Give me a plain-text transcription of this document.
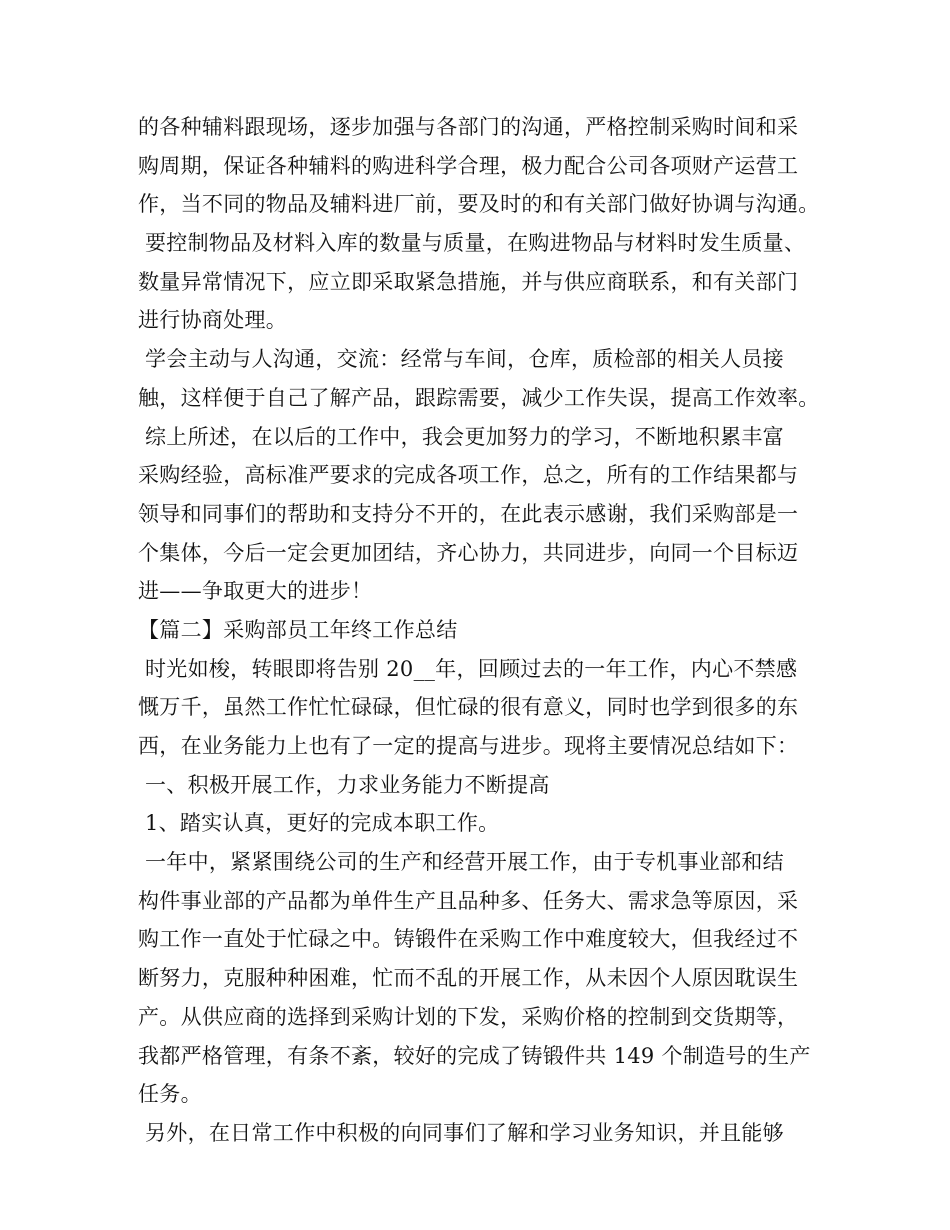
的各种辅料跟现场，逐步加强与各部门的沟通，严格控制采购时间和采
购周期，保证各种辅料的购进科学合理，极力配合公司各项财产运营工
作，当不同的物品及辅料进厂前，要及时的和有关部门做好协调与沟通。
要控制物品及材料入库的数量与质量，在购进物品与材料时发生质量、
数量异常情况下，应立即采取紧急措施，并与供应商联系，和有关部门
进行协商处理。
学会主动与人沟通，交流：经常与车间，仓库，质检部的相关人员接
触，这样便于自己了解产品，跟踪需要，减少工作失误，提高工作效率。
综上所述，在以后的工作中，我会更加努力的学习，不断地积累丰富
采购经验，高标准严要求的完成各项工作，总之，所有的工作结果都与
领导和同事们的帮助和支持分不开的，在此表示感谢，我们采购部是一
个集体，今后一定会更加团结，齐心协力，共同进步，向同一个目标迈
进——争取更大的进步！
【篇二】采购部员工年终工作总结
时光如梭，转眼即将告别 20__年，回顾过去的一年工作，内心不禁感
慨万千，虽然工作忙忙碌碌，但忙碌的很有意义，同时也学到很多的东
西，在业务能力上也有了一定的提高与进步。现将主要情况总结如下：
一、积极开展工作，力求业务能力不断提高
1、踏实认真，更好的完成本职工作。
一年中，紧紧围绕公司的生产和经营开展工作，由于专机事业部和结
构件事业部的产品都为单件生产且品种多、任务大、需求急等原因，采
购工作一直处于忙碌之中。铸锻件在采购工作中难度较大，但我经过不
断努力，克服种种困难，忙而不乱的开展工作，从未因个人原因耽误生
产。从供应商的选择到采购计划的下发，采购价格的控制到交货期等，
我都严格管理，有条不紊，较好的完成了铸锻件共 149 个制造号的生产
任务。
另外，在日常工作中积极的向同事们了解和学习业务知识，并且能够
